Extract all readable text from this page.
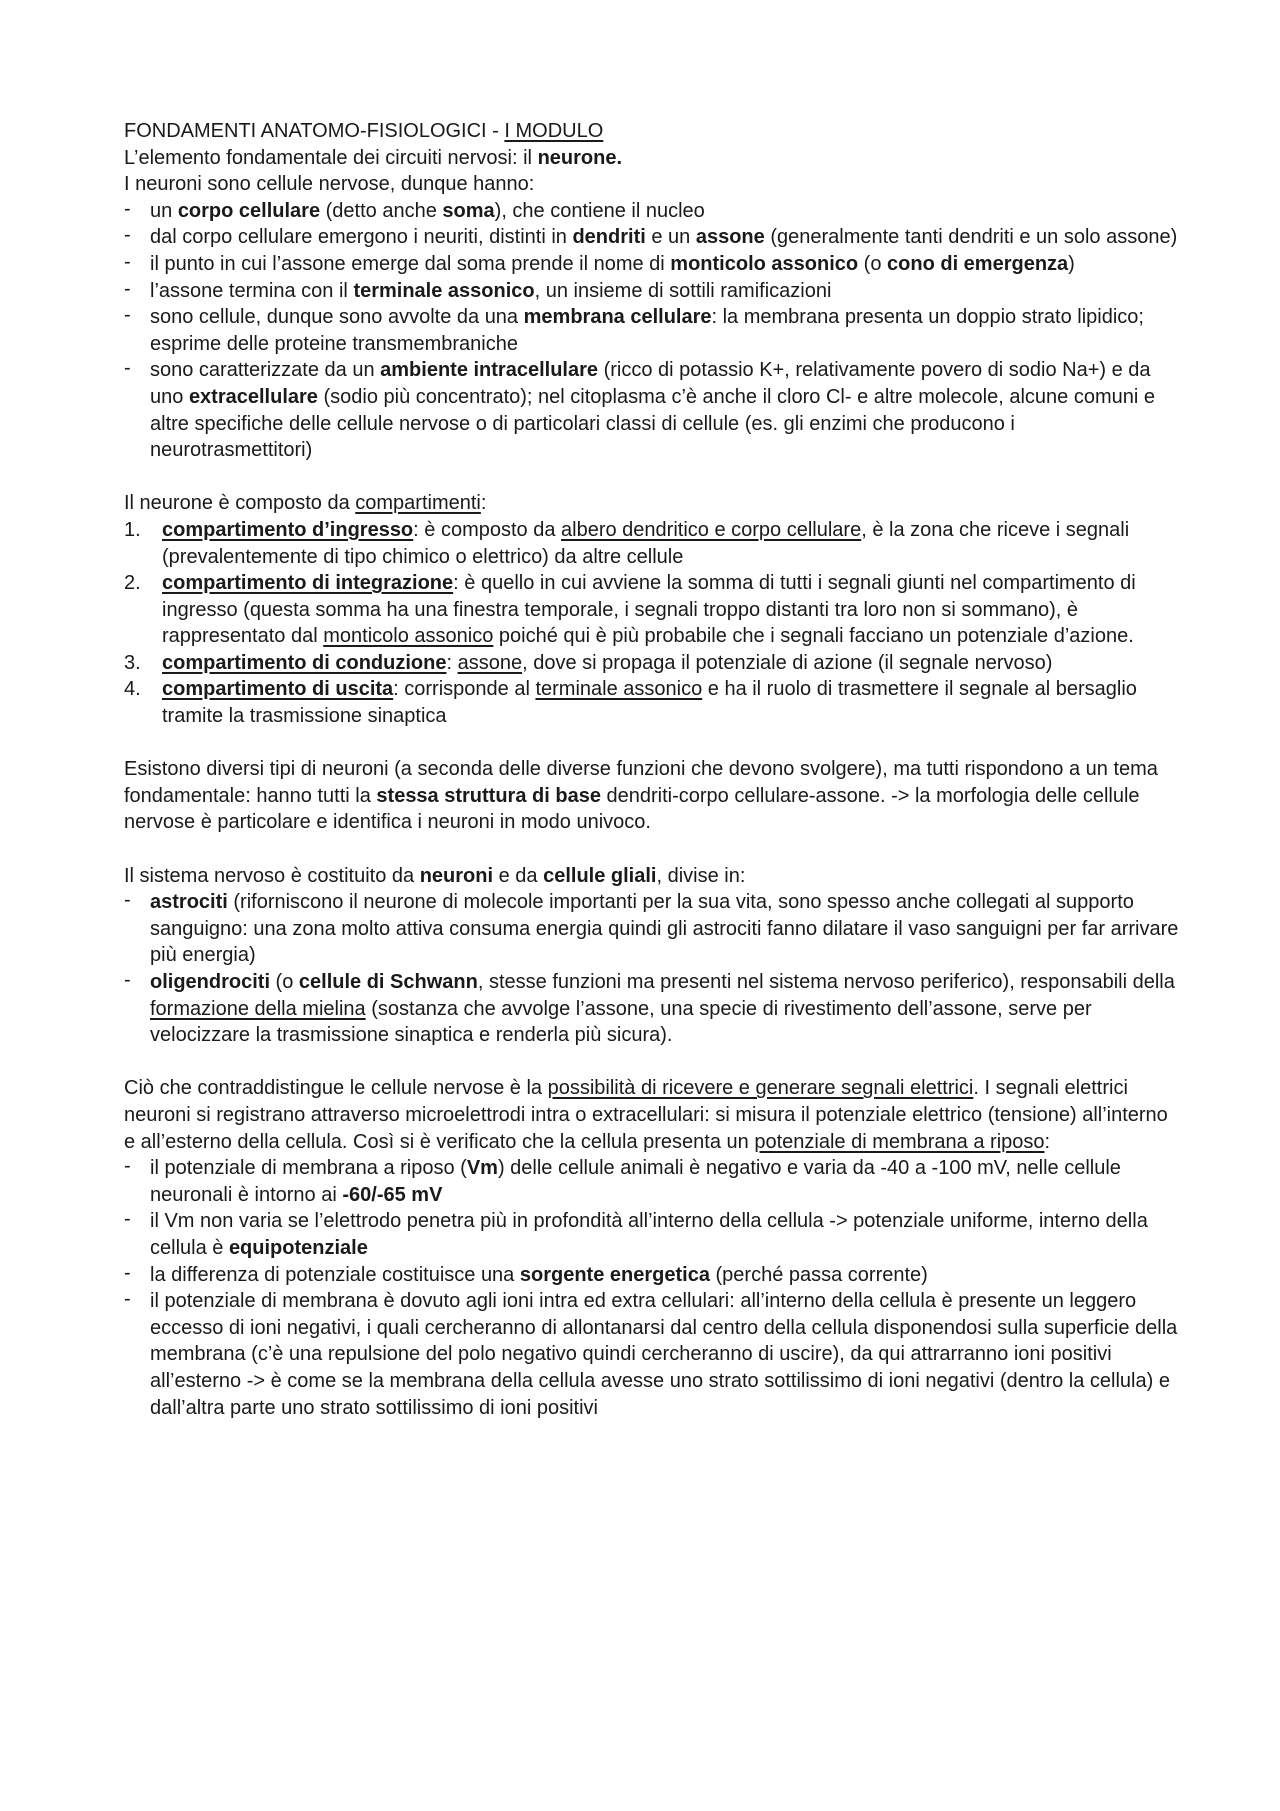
FONDAMENTI ANATOMO-FISIOLOGICI - I MODULO

L’elemento fondamentale dei circuiti nervosi: il neurone.

I neuroni sono cellule nervose, dunque hanno:

- un corpo cellulare (detto anche soma), che contiene il nucleo
- dal corpo cellulare emergono i neuriti, distinti in dendriti e un assone (generalmente tanti dendriti e un solo assone)
- il punto in cui l’assone emerge dal soma prende il nome di monticolo assonico (o cono di emergenza)
- l’assone termina con il terminale assonico, un insieme di sottili ramificazioni
- sono cellule, dunque sono avvolte da una membrana cellulare: la membrana presenta un doppio strato lipidico; esprime delle proteine transmembraniche
- sono caratterizzate da un ambiente intracellulare (ricco di potassio K+, relativamente povero di sodio Na+) e da uno extracellulare (sodio più concentrato); nel citoplasma c’è anche il cloro Cl- e altre molecole, alcune comuni e altre specifiche delle cellule nervose o di particolari classi di cellule (es. gli enzimi che producono i neurotrasmettitori)

Il neurone è composto da compartimenti:

1. compartimento d’ingresso: è composto da albero dendritico e corpo cellulare, è la zona che riceve i segnali (prevalentemente di tipo chimico o elettrico) da altre cellule
2. compartimento di integrazione: è quello in cui avviene la somma di tutti i segnali giunti nel compartimento di ingresso (questa somma ha una finestra temporale, i segnali troppo distanti tra loro non si sommano), è rappresentato dal monticolo assonico poiché qui è più probabile che i segnali facciano un potenziale d’azione.
3. compartimento di conduzione: assone, dove si propaga il potenziale di azione (il segnale nervoso)
4. compartimento di uscita: corrisponde al terminale assonico e ha il ruolo di trasmettere il segnale al bersaglio tramite la trasmissione sinaptica

Esistono diversi tipi di neuroni (a seconda delle diverse funzioni che devono svolgere), ma tutti rispondono a un tema fondamentale: hanno tutti la stessa struttura di base dendriti-corpo cellulare-assone. -> la morfologia delle cellule nervose è particolare e identifica i neuroni in modo univoco.

Il sistema nervoso è costituito da neuroni e da cellule gliali, divise in:

- astrociti (riforniscono il neurone di molecole importanti per la sua vita, sono spesso anche collegati al supporto sanguigno: una zona molto attiva consuma energia quindi gli astrociti fanno dilatare il vaso sanguigni per far arrivare più energia)
- oligendrociti (o cellule di Schwann, stesse funzioni ma presenti nel sistema nervoso periferico), responsabili della formazione della mielina (sostanza che avvolge l’assone, una specie di rivestimento dell’assone, serve per velocizzare la trasmissione sinaptica e renderla più sicura).

Ciò che contraddistingue le cellule nervose è la possibilità di ricevere e generare segnali elettrici. I segnali elettrici neuroni si registrano attraverso microelettrodi intra o extracellulari: si misura il potenziale elettrico (tensione) all’interno e all’esterno della cellula. Così si è verificato che la cellula presenta un potenziale di membrana a riposo:

- il potenziale di membrana a riposo (Vm) delle cellule animali è negativo e varia da -40 a -100 mV, nelle cellule neuronali è intorno ai -60/-65 mV
- il Vm non varia se l’elettrodo penetra più in profondità all’interno della cellula -> potenziale uniforme, interno della cellula è equipotenziale
- la differenza di potenziale costituisce una sorgente energetica (perché passa corrente)
- il potenziale di membrana è dovuto agli ioni intra ed extra cellulari: all’interno della cellula è presente un leggero eccesso di ioni negativi, i quali cercheranno di allontanarsi dal centro della cellula disponendosi sulla superficie della membrana (c’è una repulsione del polo negativo quindi cercheranno di uscire), da qui attrarranno ioni positivi all’esterno -> è come se la membrana della cellula avesse uno strato sottilissimo di ioni negativi (dentro la cellula) e dall’altra parte uno strato sottilissimo di ioni positivi
